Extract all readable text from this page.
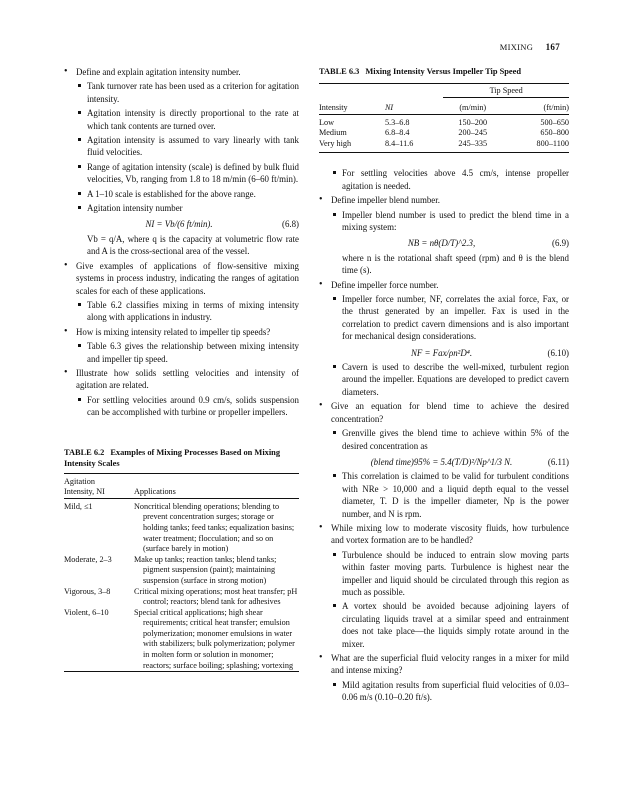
MIXING 167
• Define and explain agitation intensity number.
Tank turnover rate has been used as a criterion for agitation intensity.
Agitation intensity is directly proportional to the rate at which tank contents are turned over.
Agitation intensity is assumed to vary linearly with tank fluid velocities.
Range of agitation intensity (scale) is defined by bulk fluid velocities, Vb, ranging from 1.8 to 18 m/min (6–60 ft/min).
A 1–10 scale is established for the above range.
Agitation intensity number
NI = Vb/(6 ft/min).	(6.8)
Vb = q/A, where q is the capacity at volumetric flow rate and A is the cross-sectional area of the vessel.
• Give examples of applications of flow-sensitive mixing systems in process industry, indicating the ranges of agitation scales for each of these applications.
Table 6.2 classifies mixing in terms of mixing intensity along with applications in industry.
• How is mixing intensity related to impeller tip speeds?
Table 6.3 gives the relationship between mixing intensity and impeller tip speed.
• Illustrate how solids settling velocities and intensity of agitation are related.
For settling velocities around 0.9 cm/s, solids suspension can be accomplished with turbine or propeller impellers.
TABLE 6.2 Examples of Mixing Processes Based on Mixing Intensity Scales
Agitation
Intensity, NI	Applications
Mild, ≤1	Noncritical blending operations; blending to prevent concentration surges; storage or holding tanks; feed tanks; equalization basins; water treatment; flocculation; and so on (surface barely in motion)

Moderate, 2–3	Make up tanks; reaction tanks; blend tanks; pigment suspension (paint); maintaining suspension (surface in strong motion)

Vigorous, 3–8	Critical mixing operations; most heat transfer; pH control; reactors; blend tank for adhesives

Violent, 6–10	Special critical applications; high shear requirements; critical heat transfer; emulsion polymerization; monomer emulsions in water with stabilizers; bulk polymerization; polymer in molten form or solution in monomer; reactors; surface boiling; splashing; vortexing

TABLE 6.3 Mixing Intensity Versus Impeller Tip Speed
		Tip Speed	
Intensity	NI	(m/min)	(ft/min)
Low	5.3–6.8	150–200	500–650
Medium	6.8–8.4	200–245	650–800
Very high	8.4–11.6	245–335	800–1100

For settling velocities above 4.5 cm/s, intense propeller agitation is needed.
• Define impeller blend number.
Impeller blend number is used to predict the blend time in a mixing system:
NB = nθ(D/T)^2.3,	(6.9)
where n is the rotational shaft speed (rpm) and θ is the blend time (s).
• Define impeller force number.
Impeller force number, NF, correlates the axial force, Fax, or the thrust generated by an impeller. Fax is used in the correlation to predict cavern dimensions and is also important for mechanical design considerations.
NF = Fax/ρn²D⁴.	(6.10)
Cavern is used to describe the well-mixed, turbulent region around the impeller. Equations are developed to predict cavern diameters.
• Give an equation for blend time to achieve the desired concentration?
Grenville gives the blend time to achieve within 5% of the desired concentration as
(blend time)95% = 5.4(T/D)²/Np^1/3 N.	(6.11)
This correlation is claimed to be valid for turbulent conditions with NRe > 10,000 and a liquid depth equal to the vessel diameter, T. D is the impeller diameter, Np is the power number, and N is rpm.
• While mixing low to moderate viscosity fluids, how turbulence and vortex formation are to be handled?
Turbulence should be induced to entrain slow moving parts within faster moving parts. Turbulence is highest near the impeller and liquid should be circulated through this region as much as possible.
A vortex should be avoided because adjoining layers of circulating liquids travel at a similar speed and entrainment does not take place—the liquids simply rotate around in the mixer.
• What are the superficial fluid velocity ranges in a mixer for mild and intense mixing?
Mild agitation results from superficial fluid velocities of 0.03–0.06 m/s (0.10–0.20 ft/s).
